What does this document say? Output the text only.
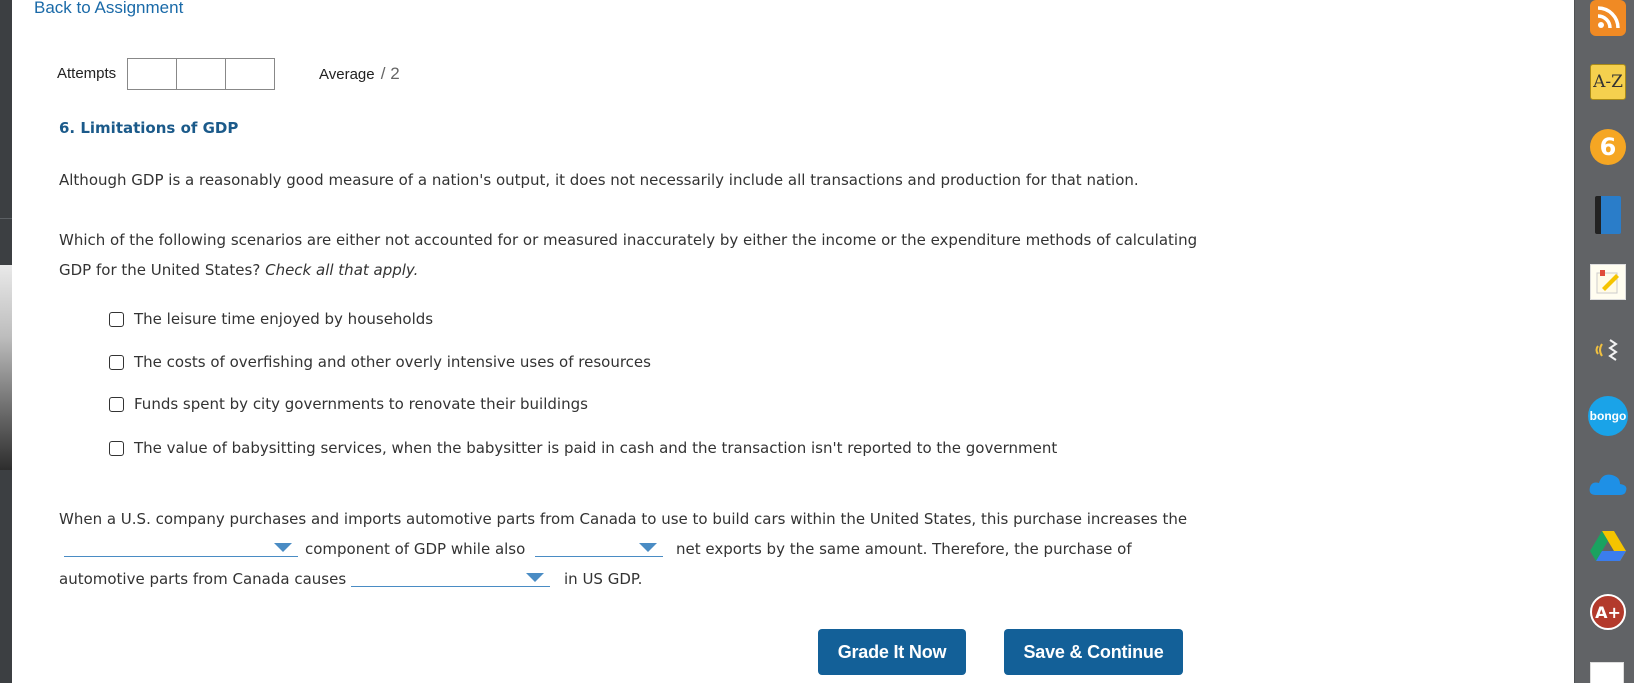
Back to Assignment
Attempts	Average / 2
6. Limitations of GDP

Although GDP is a reasonably good measure of a nation's output, it does not necessarily include all transactions and production for that nation.

Which of the following scenarios are either not accounted for or measured inaccurately by either the income or the expenditure methods of calculating GDP for the United States? Check all that apply.

The leisure time enjoyed by households
The costs of overfishing and other overly intensive uses of resources
Funds spent by city governments to renovate their buildings
The value of babysitting services, when the babysitter is paid in cash and the transaction isn't reported to the government
When a U.S. company purchases and imports automotive parts from Canada to use to build cars within the United States, this purchase increases the
component of GDP while also	net exports by the same amount. Therefore, the purchase of
automotive parts from Canada causes	in US GDP.
Grade It Now	Save & Continue
A-Z
6
bongo
A+
